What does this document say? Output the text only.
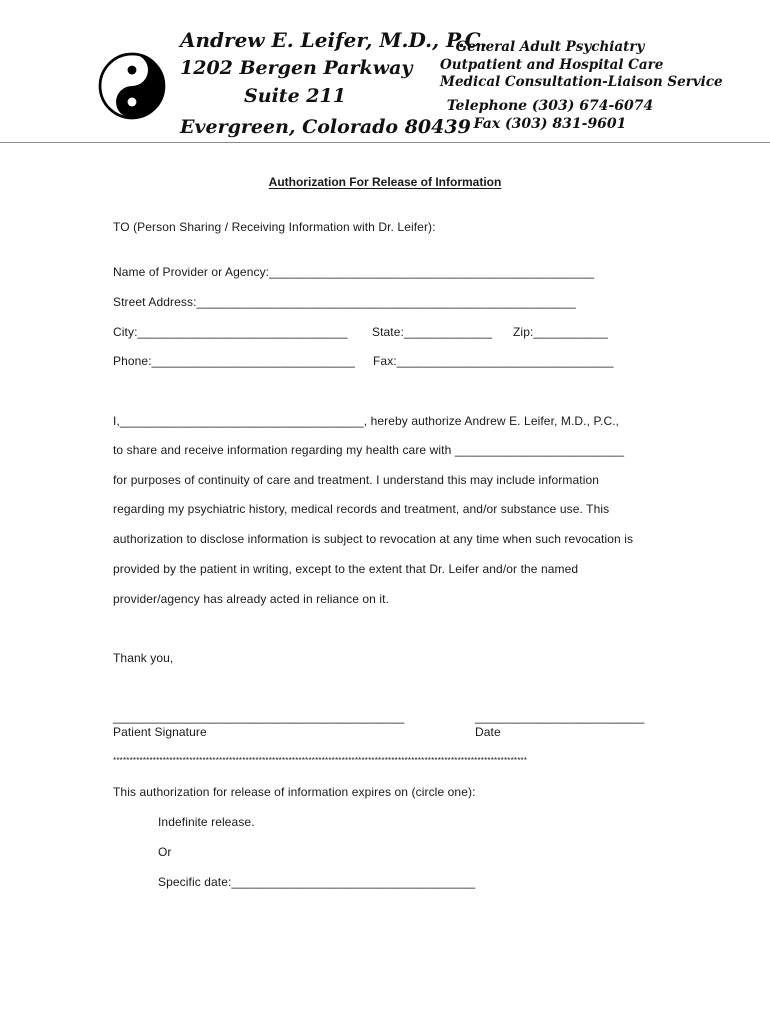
Andrew E. Leifer, M.D., P.C.
1202 Bergen Parkway
Suite 211
Evergreen, Colorado 80439
General Adult Psychiatry
Outpatient and Hospital Care
Medical Consultation-Liaison Service
Telephone (303) 674-6074
Fax (303) 831-9601
Authorization For Release of Information
TO (Person Sharing / Receiving Information with Dr. Leifer):
Name of Provider or Agency:________________________________________________
Street Address:________________________________________________________
City:_______________________________ State:_____________ Zip:___________
Phone:______________________________ Fax:________________________________
I,____________________________________, hereby authorize Andrew E. Leifer, M.D., P.C.,
to share and receive information regarding my health care with _________________________
for purposes of continuity of care and treatment. I understand this may include information
regarding my psychiatric history, medical records and treatment, and/or substance use. This
authorization to disclose information is subject to revocation at any time when such revocation is
provided by the patient in writing, except to the extent that Dr. Leifer and/or the named
provider/agency has already acted in reliance on it.
Thank you,
___________________________________________	_________________________
Patient Signature	Date
*****************************************************************************************************************************
This authorization for release of information expires on (circle one):
Indefinite release.
Or
Specific date:____________________________________
